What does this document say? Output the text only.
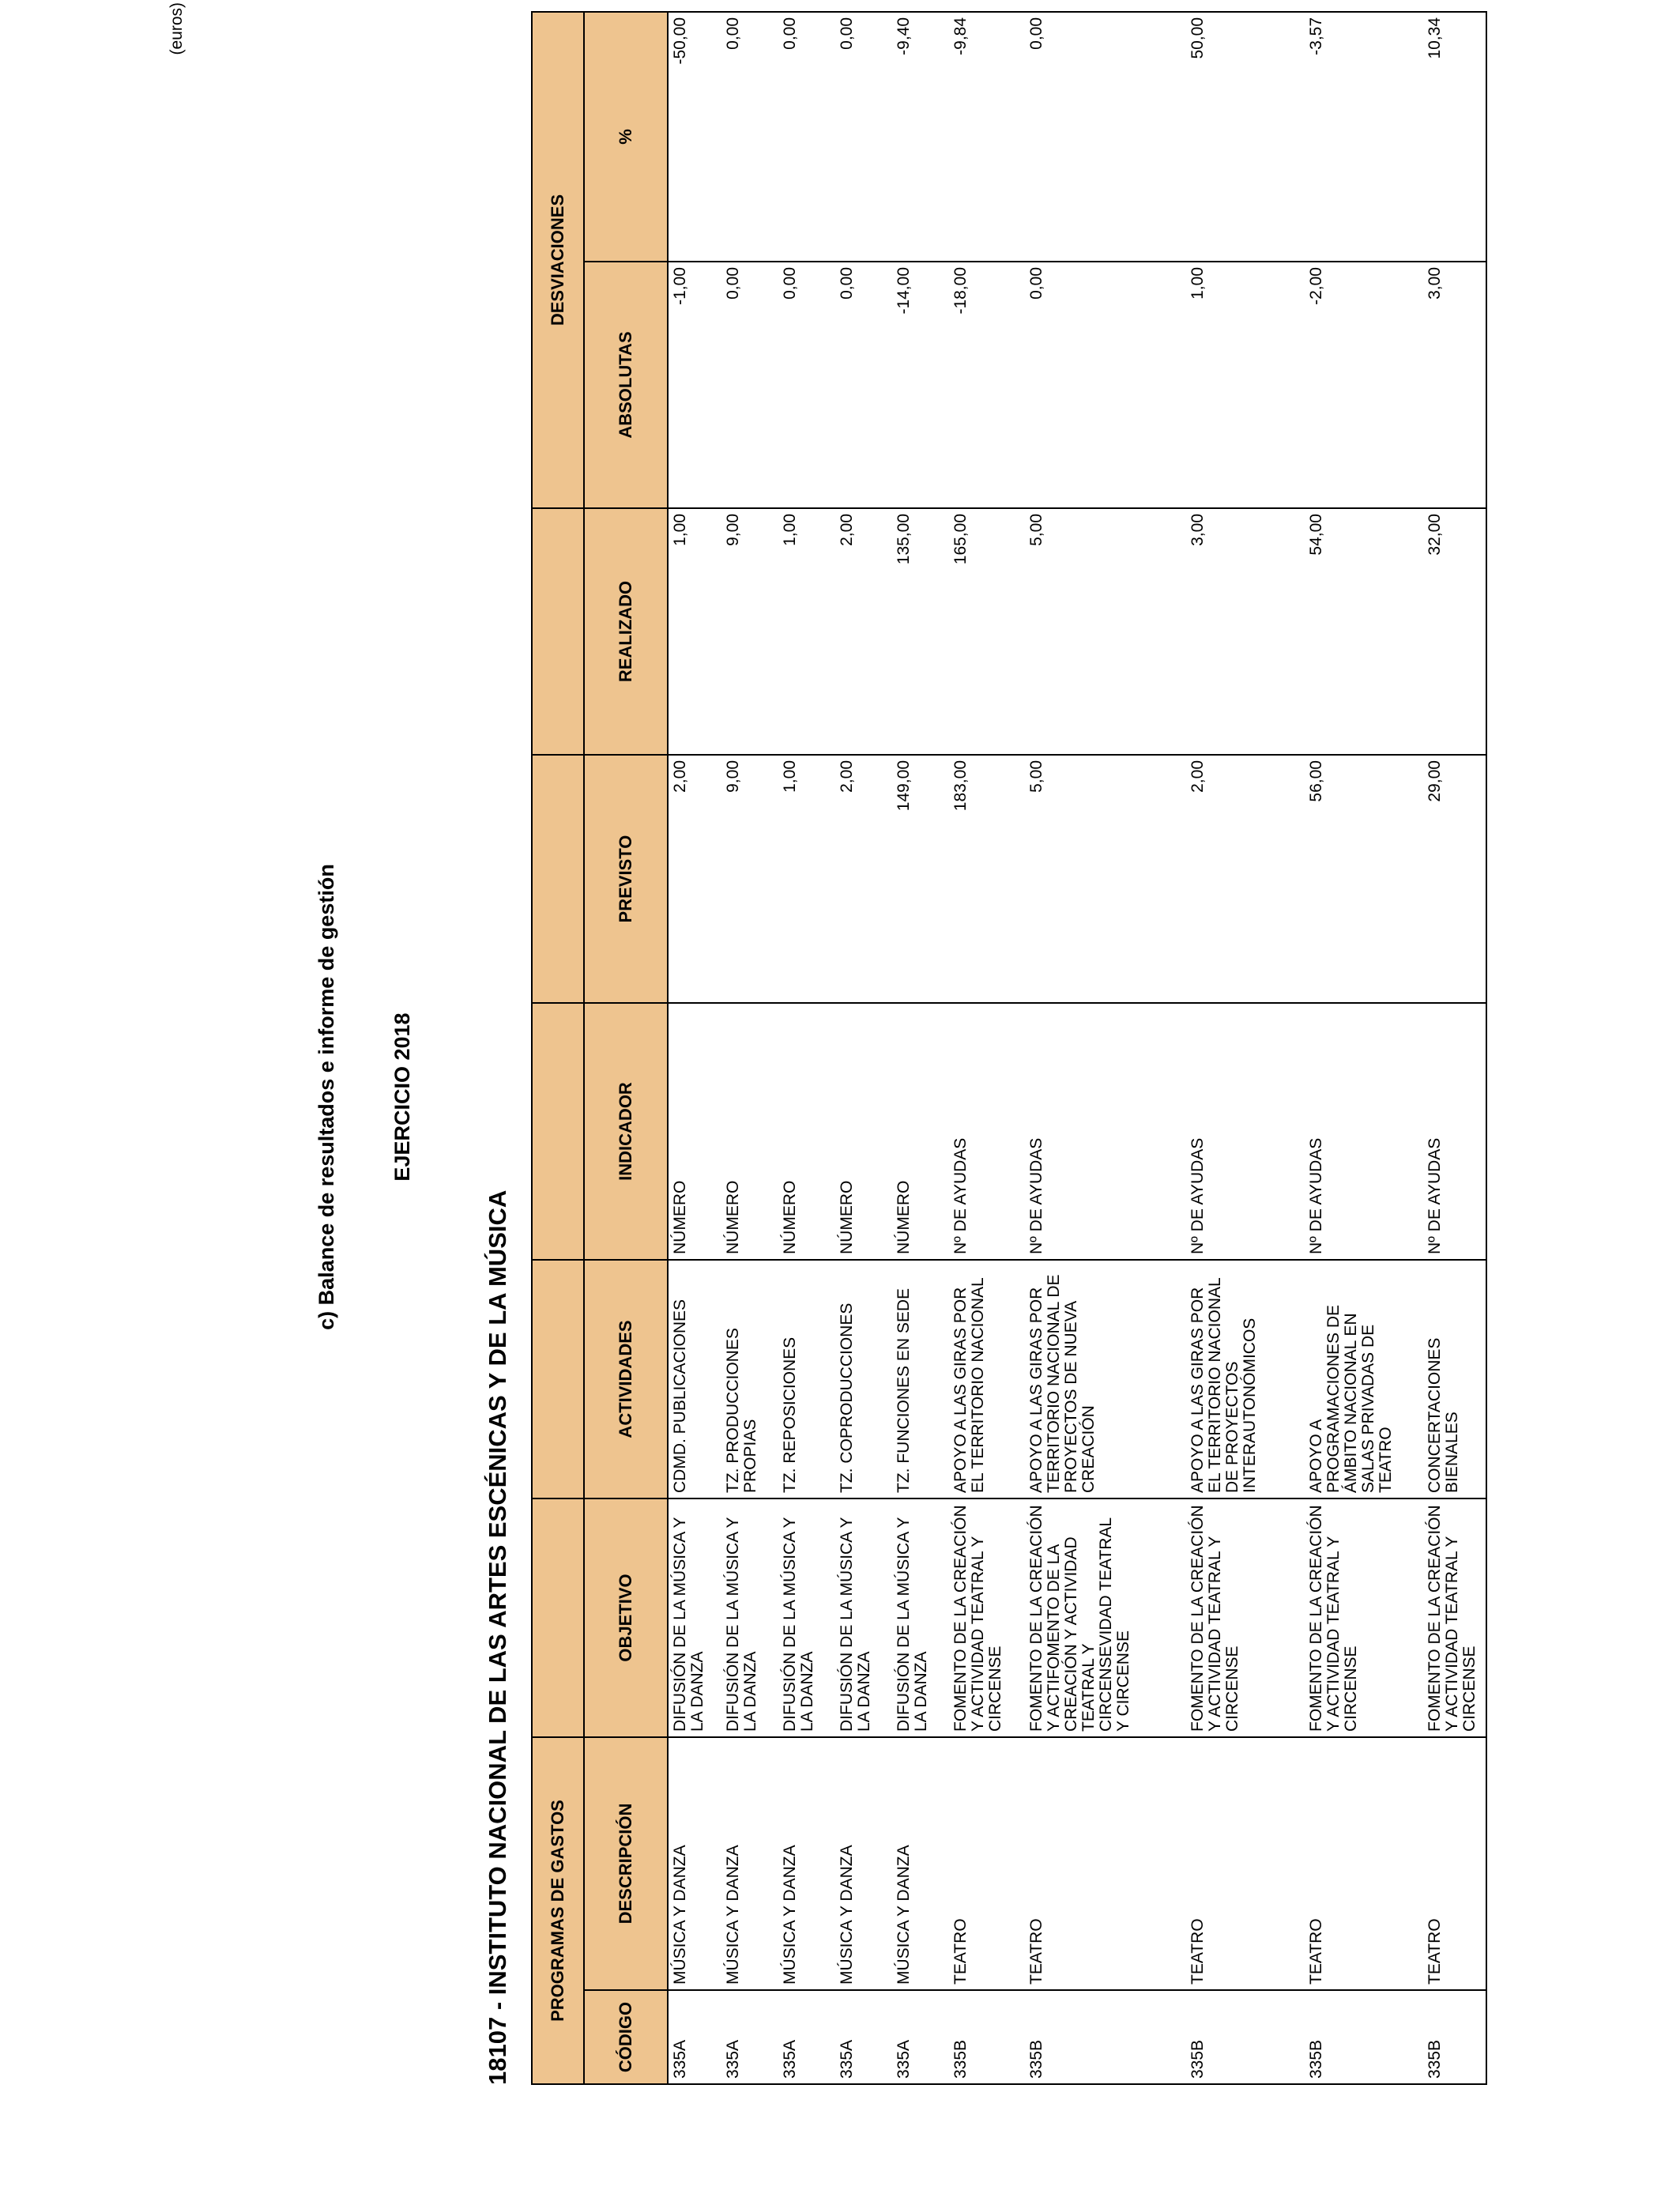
c) Balance de resultados e informe de gestión EJERCICIO 2018
18107 - INSTITUTO NACIONAL DE LAS ARTES ESCÉNICAS Y DE LA MÚSICA
(euros)
PROGRAMAS DE GASTOS							DESVIACIONES	
CÓDIGO	DESCRIPCIÓN	OBJETIVO	ACTIVIDADES	INDICADOR	PREVISTO	REALIZADO	ABSOLUTAS	%
335A	MÚSICA Y DANZA	DIFUSIÓN DE LA MÚSICA Y LA DANZA	CDMD. PUBLICACIONES	NÚMERO	2,00	1,00	-1,00	-50,00
335A	MÚSICA Y DANZA	DIFUSIÓN DE LA MÚSICA Y LA DANZA	TZ. PRODUCCIONES PROPIAS	NÚMERO	9,00	9,00	0,00	0,00
335A	MÚSICA Y DANZA	DIFUSIÓN DE LA MÚSICA Y LA DANZA	TZ. REPOSICIONES	NÚMERO	1,00	1,00	0,00	0,00
335A	MÚSICA Y DANZA	DIFUSIÓN DE LA MÚSICA Y LA DANZA	TZ. COPRODUCCIONES	NÚMERO	2,00	2,00	0,00	0,00
335A	MÚSICA Y DANZA	DIFUSIÓN DE LA MÚSICA Y LA DANZA	TZ. FUNCIONES EN SEDE	NÚMERO	149,00	135,00	-14,00	-9,40
335B	TEATRO	FOMENTO DE LA CREACIÓN Y ACTIVIDAD TEATRAL Y CIRCENSE	APOYO A LAS GIRAS POR EL TERRITORIO NACIONAL	Nº DE AYUDAS	183,00	165,00	-18,00	-9,84
335B	TEATRO	FOMENTO DE LA CREACIÓN Y ACTIFOMENTO DE LA CREACIÓN Y ACTIVIDAD TEATRAL Y CIRCENSEVIDAD TEATRAL Y CIRCENSE	APOYO A LAS GIRAS POR TERRITORIO NACIONAL DE PROYECTOS DE NUEVA CREACIÓN	Nº DE AYUDAS	5,00	5,00	0,00	0,00
335B	TEATRO	FOMENTO DE LA CREACIÓN Y ACTIVIDAD TEATRAL Y CIRCENSE	APOYO A LAS GIRAS POR EL TERRITORIO NACIONAL DE PROYECTOS INTERAUTONÓMICOS	Nº DE AYUDAS	2,00	3,00	1,00	50,00
335B	TEATRO	FOMENTO DE LA CREACIÓN Y ACTIVIDAD TEATRAL Y CIRCENSE	APOYO A PROGRAMACIONES DE ÁMBITO NACIONAL EN SALAS PRIVADAS DE TEATRO	Nº DE AYUDAS	56,00	54,00	-2,00	-3,57
335B	TEATRO	FOMENTO DE LA CREACIÓN Y ACTIVIDAD TEATRAL Y CIRCENSE	CONCERTACIONES BIENALES	Nº DE AYUDAS	29,00	32,00	3,00	10,34
